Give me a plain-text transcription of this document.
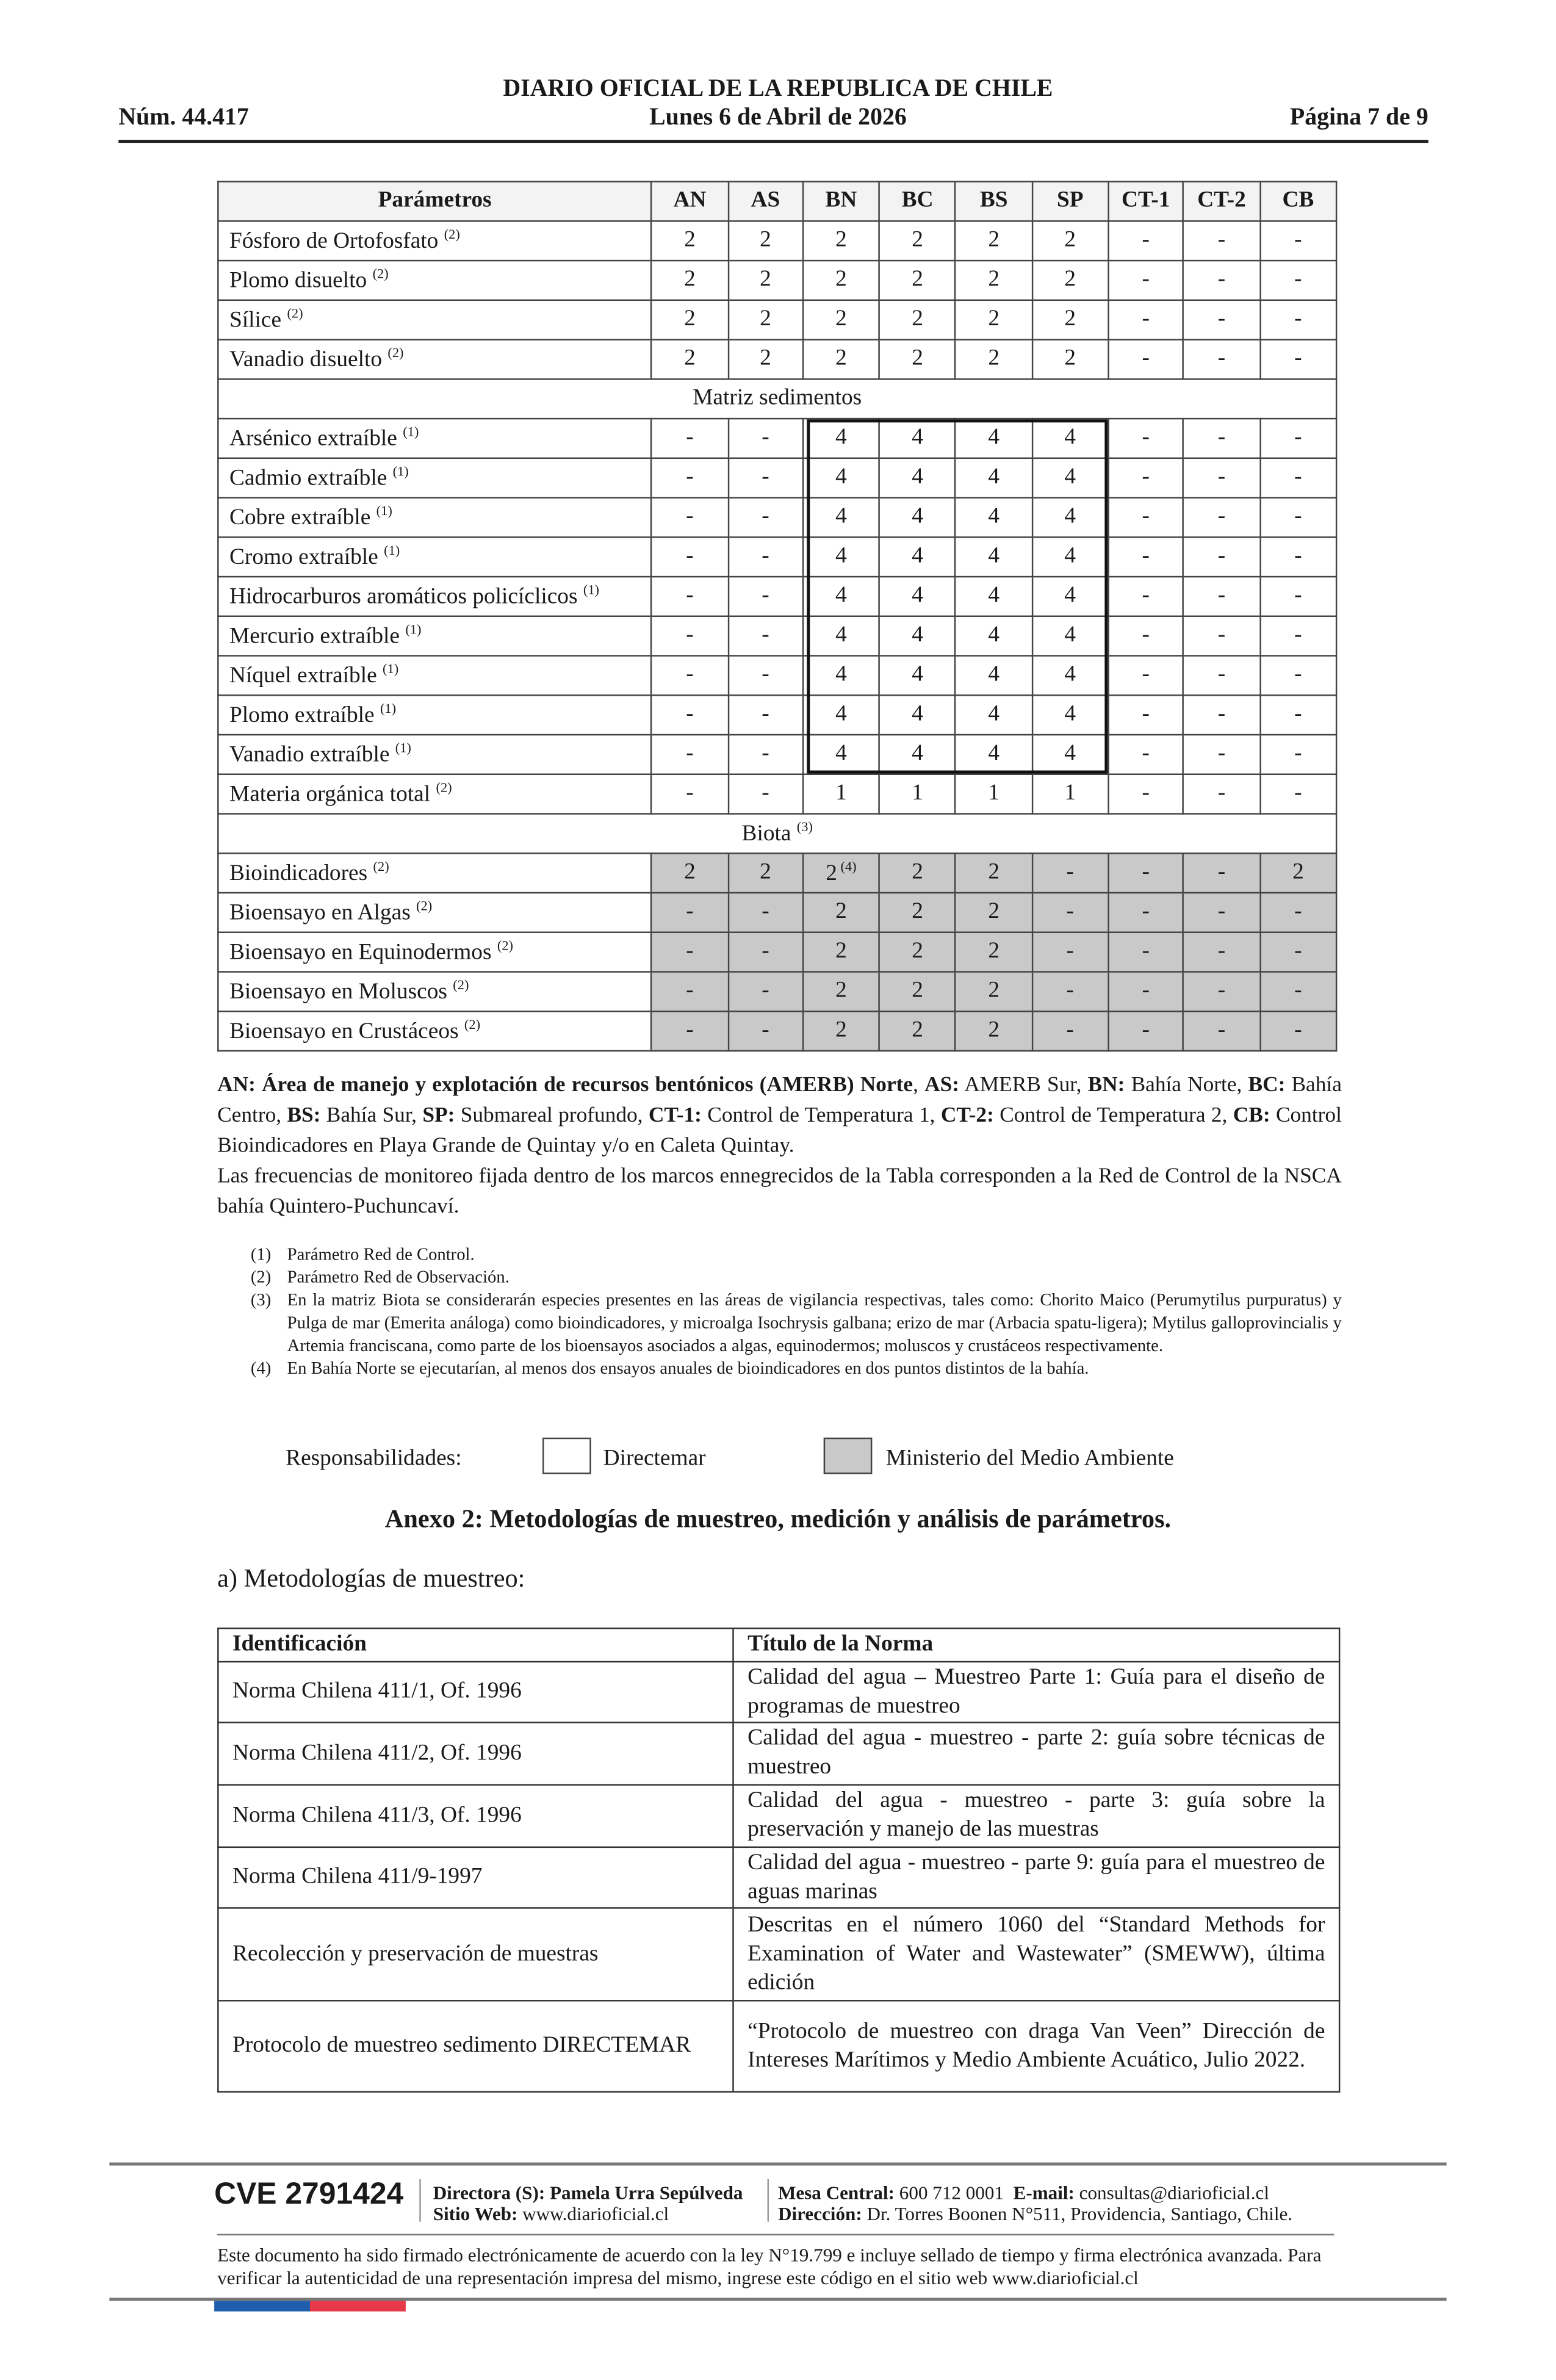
DIARIO OFICIAL DE LA REPUBLICA DE CHILE
Núm. 44.417	Lunes 6 de Abril de 2026	Página 7 de 9
Parámetros	AN	AS	BN	BC	BS	SP	CT-1	CT-2	CB
Fósforo de Ortofosfato $^{(2)}$	2	2	2	2	2	2	-	-	-
Plomo disuelto $^{(2)}$	2	2	2	2	2	2	-	-	-
Sílice $^{(2)}$	2	2	2	2	2	2	-	-	-
Vanadio disuelto $^{(2)}$	2	2	2	2	2	2	-	-	-
Matriz sedimentos									
Arsénico extraíble $^{(1)}$	-	-	4	4	4	4	-	-	-
Cadmio extraíble $^{(1)}$	-	-	4	4	4	4	-	-	-
Cobre extraíble $^{(1)}$	-	-	4	4	4	4	-	-	-
Cromo extraíble $^{(1)}$	-	-	4	4	4	4	-	-	-
Hidrocarburos aromáticos policíclicos $^{(1)}$	-	-	4	4	4	4	-	-	-
Mercurio extraíble $^{(1)}$	-	-	4	4	4	4	-	-	-
Níquel extraíble $^{(1)}$	-	-	4	4	4	4	-	-	-
Plomo extraíble $^{(1)}$	-	-	4	4	4	4	-	-	-
Vanadio extraíble $^{(1)}$	-	-	4	4	4	4	-	-	-
Materia orgánica total $^{(2)}$	-	-	1	1	1	1	-	-	-
Biota $^{(3)}$
Bioindicadores $^{(2)}$	2	2	2 $^{(4)}$	2	2	-	-	-	2
Bioensayo en Algas $^{(2)}$	-	-	2	2	2	-	-	-	-
Bioensayo en Equinodermos $^{(2)}$	-	-	2	2	2	-	-	-	-
Bioensayo en Moluscos $^{(2)}$	-	-	2	2	2	-	-	-	-
Bioensayo en Crustáceos $^{(2)}$	-	-	2	2	2	-	-	-	-
AN: Área de manejo y explotación de recursos bentónicos (AMERB) Norte, AS: AMERB Sur, BN: Bahía Norte, BC: Bahía Centro, BS: Bahía Sur, SP: Submareal profundo, CT-1: Control de Temperatura 1, CT-2: Control de Temperatura 2, CB: Control Bioindicadores en Playa Grande de Quintay y/o en Caleta Quintay.
Las frecuencias de monitoreo fijada dentro de los marcos ennegrecidos de la Tabla corresponden a la Red de Control de la NSCA bahía Quintero-Puchuncaví.
(1)	Parámetro Red de Control.
(2)	Parámetro Red de Observación.
(3)	En la matriz Biota se considerarán especies presentes en las áreas de vigilancia respectivas, tales como: Chorito Maico (Perumytilus purpuratus) y Pulga de mar (Emerita análoga) como bioindicadores, y microalga Isochrysis galbana; erizo de mar (Arbacia spatu-ligera); Mytilus galloprovincialis y Artemia franciscana, como parte de los bioensayos asociados a algas, equinodermos; moluscos y crustáceos respectivamente.
(4)	En Bahía Norte se ejecutarían, al menos dos ensayos anuales de bioindicadores en dos puntos distintos de la bahía.
Responsabilidades:	Directemar	Ministerio del Medio Ambiente
Anexo 2: Metodologías de muestreo, medición y análisis de parámetros.
a) Metodologías de muestreo:
Identificación	Título de la Norma
Norma Chilena 411/1, Of. 1996	Calidad del agua – Muestreo Parte 1: Guía para el diseño de programas de muestreo
Norma Chilena 411/2, Of. 1996	Calidad del agua - muestreo - parte 2: guía sobre técnicas de muestreo
Norma Chilena 411/3, Of. 1996	Calidad del agua - muestreo - parte 3: guía sobre la preservación y manejo de las muestras
Norma Chilena 411/9-1997	Calidad del agua - muestreo - parte 9: guía para el muestreo de aguas marinas
Recolección y preservación de muestras	Descritas en el número 1060 del “Standard Methods for Examination of Water and Wastewater” (SMEWW), última edición
Protocolo de muestreo sedimento DIRECTEMAR	“Protocolo de muestreo con draga Van Veen” Dirección de Intereses Marítimos y Medio Ambiente Acuático, Julio 2022.
CVE 2791424	Directora (S): Pamela Urra Sepúlveda
Sitio Web: www.diarioficial.cl
Mesa Central: 600 712 0001 E-mail: consultas@diarioficial.cl
Dirección: Dr. Torres Boonen N°511, Providencia, Santiago, Chile.
Este documento ha sido firmado electrónicamente de acuerdo con la ley N°19.799 e incluye sellado de tiempo y firma electrónica avanzada. Para verificar la autenticidad de una representación impresa del mismo, ingrese este código en el sitio web www.diarioficial.cl
